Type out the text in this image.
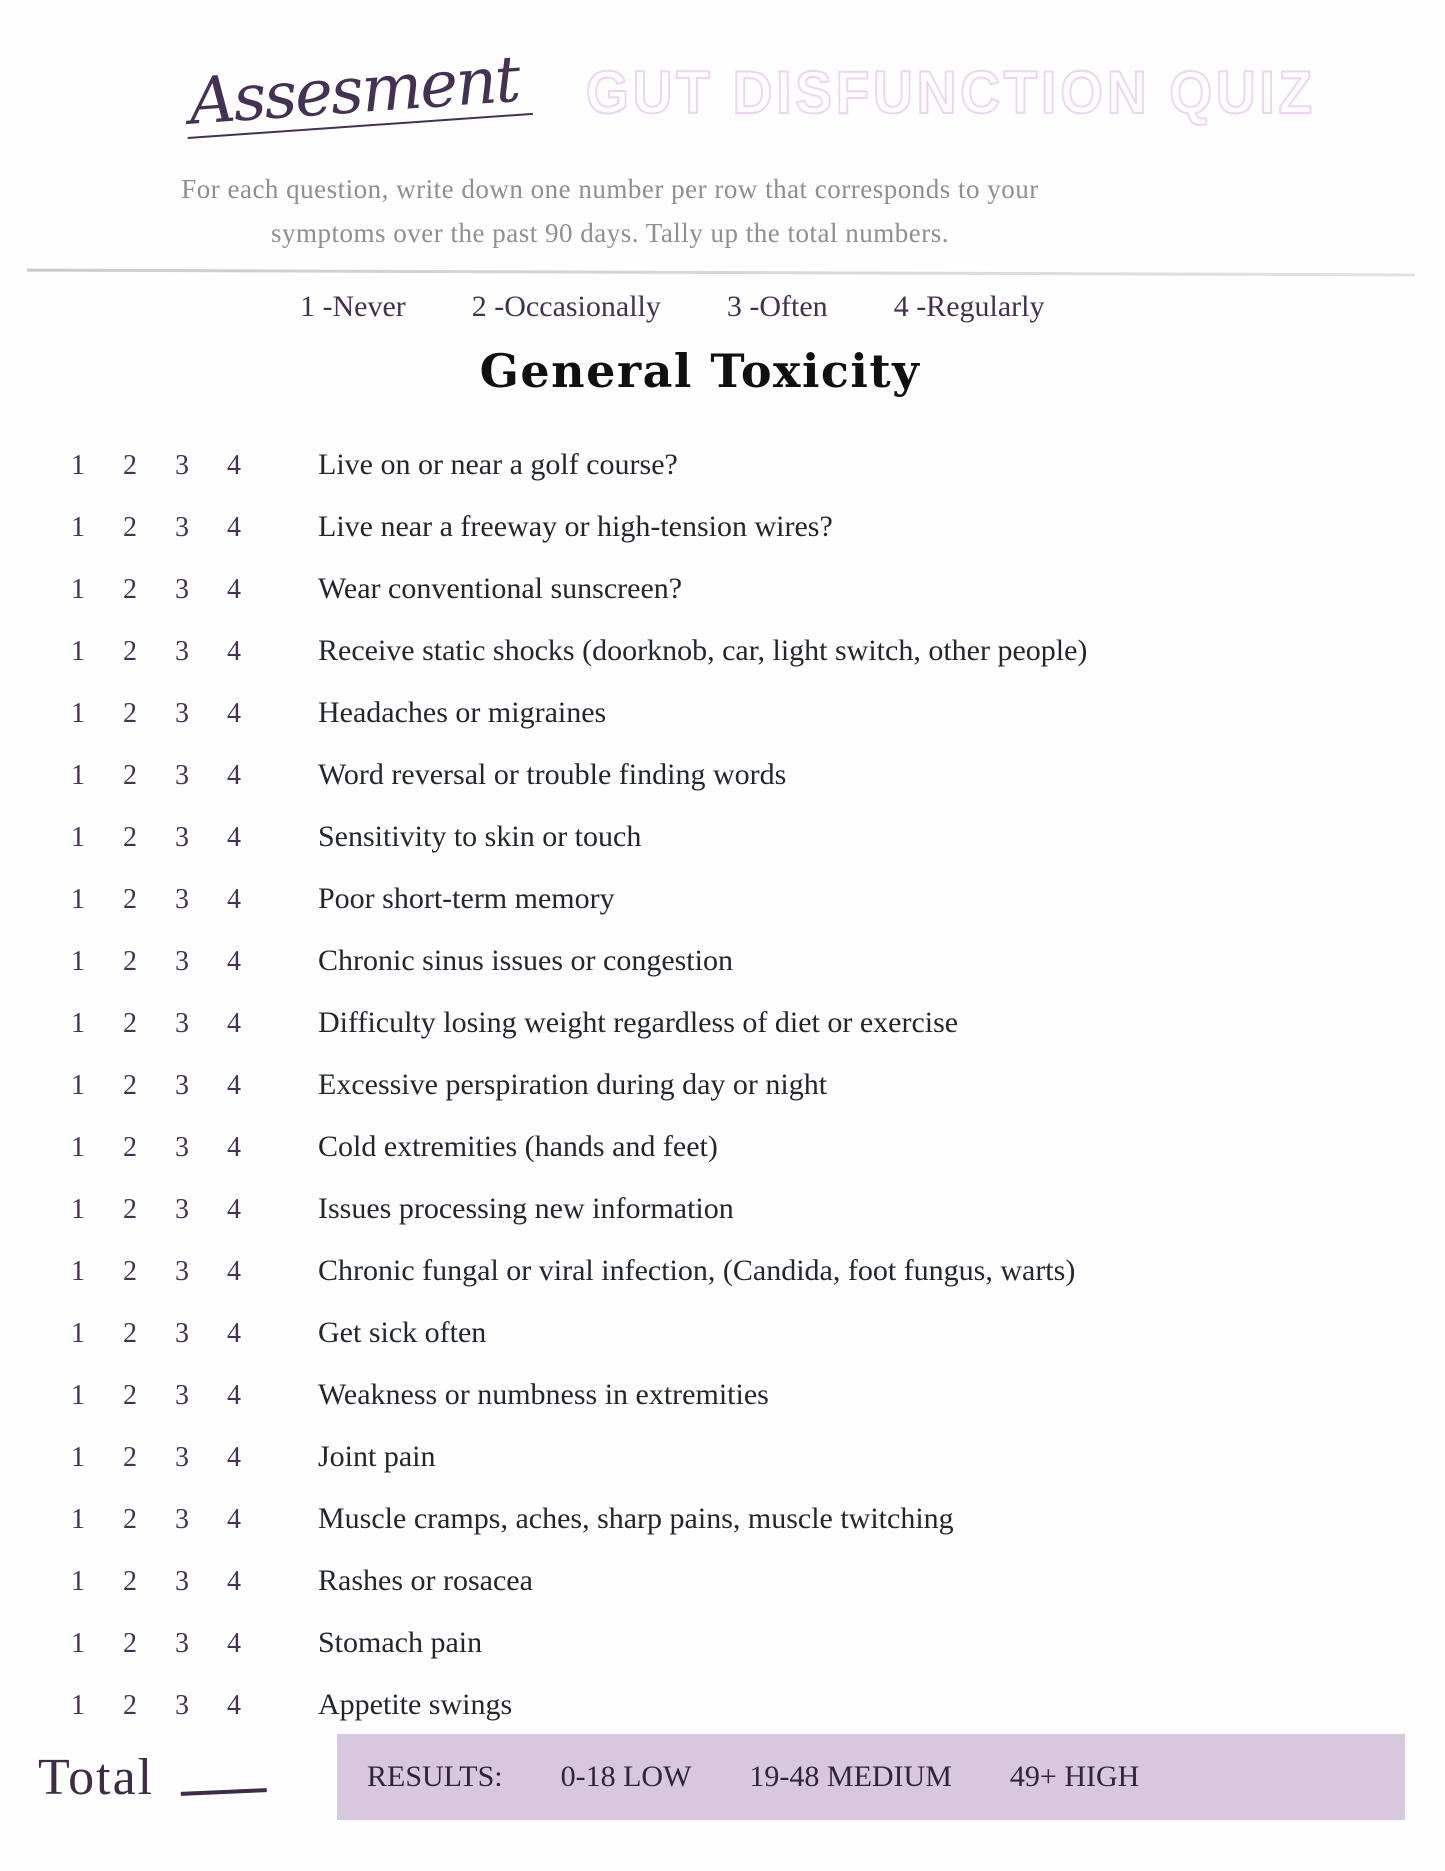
Assesment GUT DISFUNCTION QUIZ
For each question, write down one number per row that corresponds to your
symptoms over the past 90 days. Tally up the total numbers.
1 -Never 2 -Occasionally 3 -Often 4 -Regularly
General Toxicity
1	2	3	4	Live on or near a golf course?
1	2	3	4	Live near a freeway or high-tension wires?
1	2	3	4	Wear conventional sunscreen?
1	2	3	4	Receive static shocks (doorknob, car, light switch, other people)
1	2	3	4	Headaches or migraines
1	2	3	4	Word reversal or trouble finding words
1	2	3	4	Sensitivity to skin or touch
1	2	3	4	Poor short-term memory
1	2	3	4	Chronic sinus issues or congestion
1	2	3	4	Difficulty losing weight regardless of diet or exercise
1	2	3	4	Excessive perspiration during day or night
1	2	3	4	Cold extremities (hands and feet)
1	2	3	4	Issues processing new information
1	2	3	4	Chronic fungal or viral infection, (Candida, foot fungus, warts)
1	2	3	4	Get sick often
1	2	3	4	Weakness or numbness in extremities
1	2	3	4	Joint pain
1	2	3	4	Muscle cramps, aches, sharp pains, muscle twitching
1	2	3	4	Rashes or rosacea
1	2	3	4	Stomach pain
1	2	3	4	Appetite swings
Total	RESULTS: 0-18 LOW 19-48 MEDIUM 49+ HIGH
